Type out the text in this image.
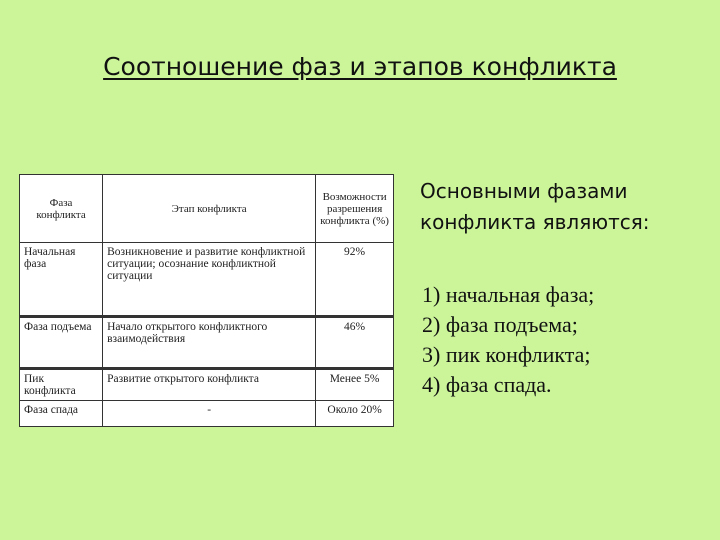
Соотношение фаз и этапов конфликта
Фаза конфликта	Этап конфликта	Возможности разрешения конфликта (%)
Начальная фаза	Возникновение и развитие конфликтной ситуации; осознание конфликтной ситуации	92%
Фаза подъема	Начало открытого конфликтного взаимодействия	46%
Пик конфликта	Развитие открытого конфликта	Менее 5%
Фаза спада	-	Около 20%
Основными фазами конфликта являются:
1) начальная фаза;
2) фаза подъема;
3) пик конфликта;
4) фаза спада.
